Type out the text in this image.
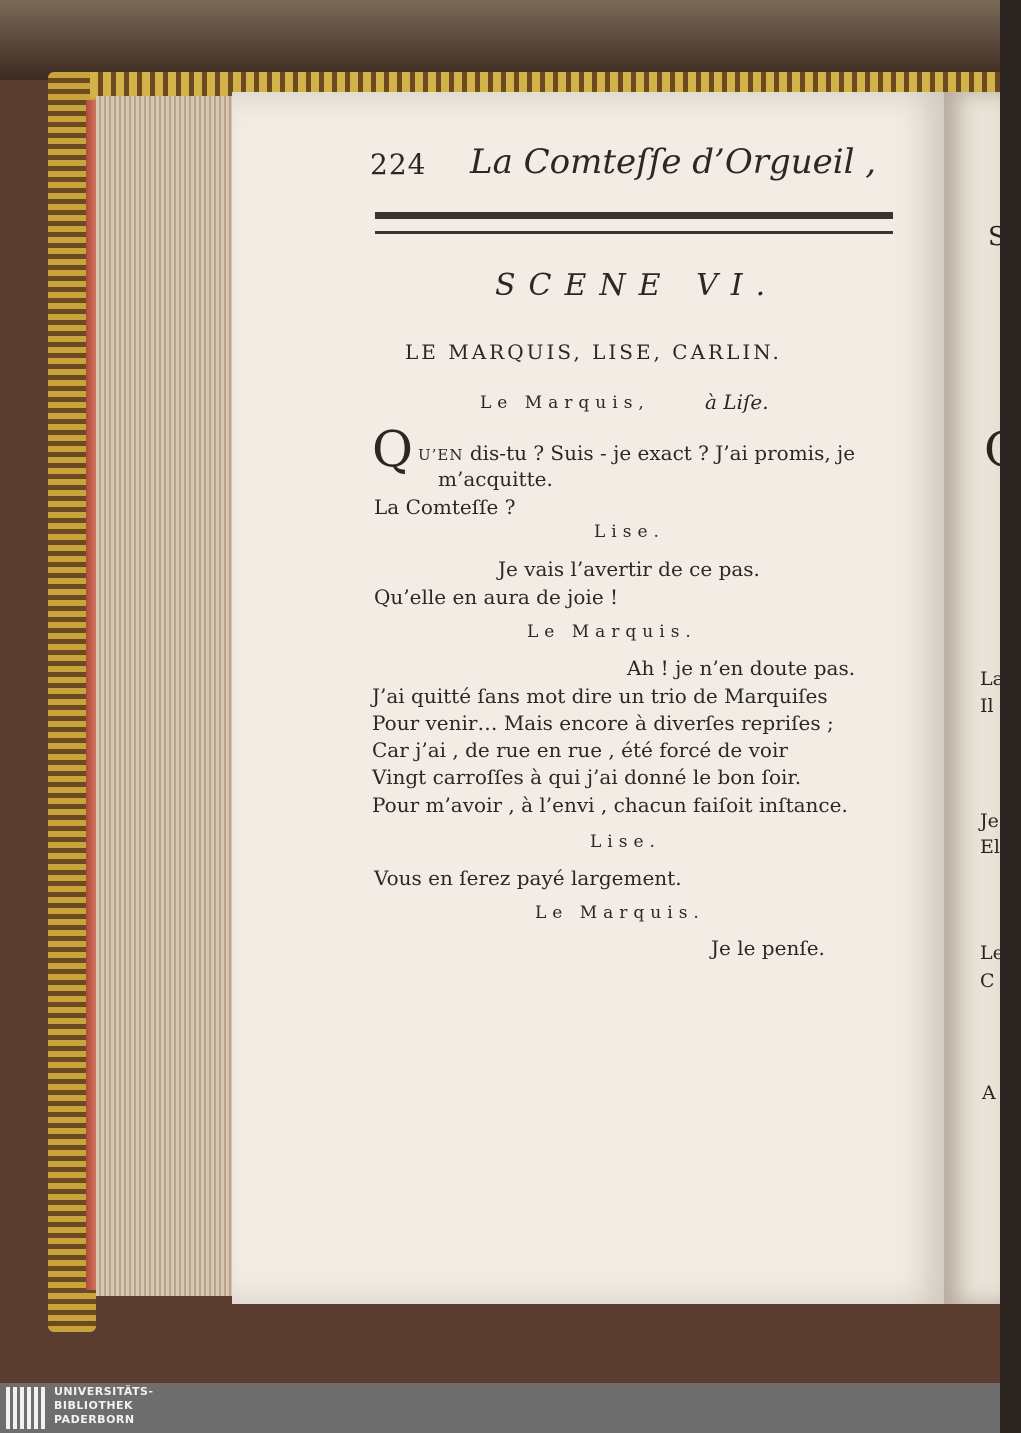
S
C
La
Il
Je
El
Le
C
A
224 La Comteſſe d’Orgueil ,
SCENE VI.
LE MARQUIS, LISE, CARLIN.
Le Marquis,	à Liſe.
Q U’EN dis-tu ? Suis - je exact ? J’ai promis, je
m’acquitte.
La Comteſſe ?
Lise.
Je vais l’avertir de ce pas.
Qu’elle en aura de joie !
Le Marquis.
Ah ! je n’en doute pas.
J’ai quitté ſans mot dire un trio de Marquiſes
Pour venir… Mais encore à diverſes repriſes ;
Car j’ai , de rue en rue , été forcé de voir
Vingt carroſſes à qui j’ai donné le bon ſoir.
Pour m’avoir , à l’envi , chacun faiſoit inſtance.
Lise.
Vous en ſerez payé largement.
Le Marquis.
Je le penſe.
UNIVERSITÄTS-
BIBLIOTHEK
PADERBORN
